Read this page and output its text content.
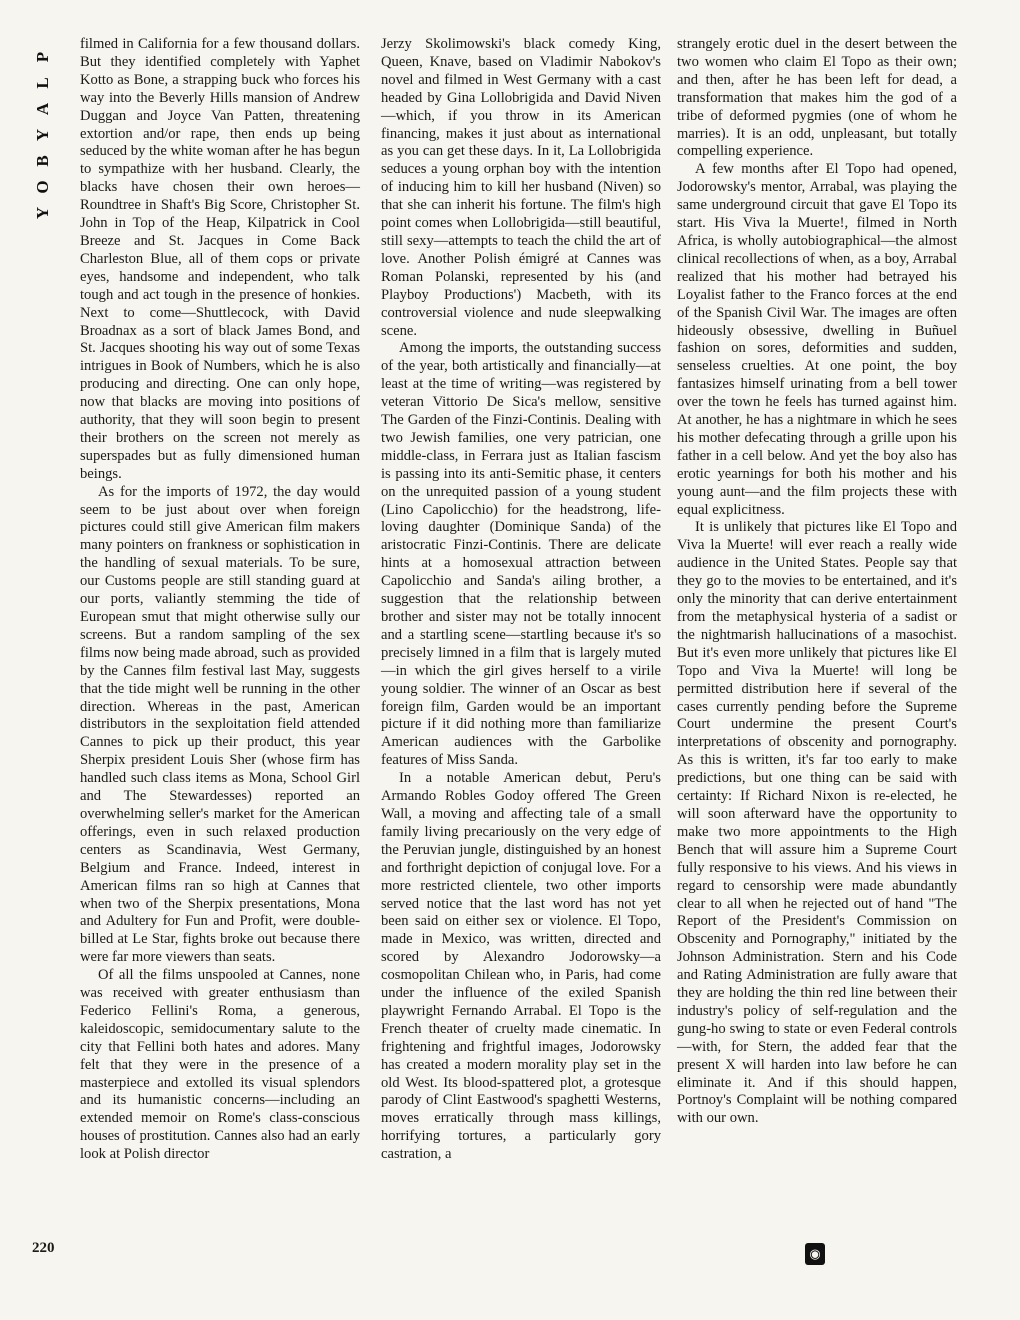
P
L
A
Y
B
O
Y

filmed in California for a few thousand dollars. But they identified completely with Yaphet Kotto as Bone, a strapping buck who forces his way into the Beverly Hills mansion of Andrew Duggan and Joyce Van Patten, threatening extortion and/or rape, then ends up being seduced by the white woman after he has begun to sympathize with her husband. Clearly, the blacks have chosen their own heroes—Roundtree in Shaft's Big Score, Christopher St. John in Top of the Heap, Kilpatrick in Cool Breeze and St. Jacques in Come Back Charleston Blue, all of them cops or private eyes, handsome and independent, who talk tough and act tough in the presence of honkies. Next to come—Shuttlecock, with David Broadnax as a sort of black James Bond, and St. Jacques shooting his way out of some Texas intrigues in Book of Numbers, which he is also producing and directing. One can only hope, now that blacks are moving into positions of authority, that they will soon begin to present their brothers on the screen not merely as superspades but as fully dimensioned human beings.

As for the imports of 1972, the day would seem to be just about over when foreign pictures could still give American film makers many pointers on frankness or sophistication in the handling of sexual materials. To be sure, our Customs people are still standing guard at our ports, valiantly stemming the tide of European smut that might otherwise sully our screens. But a random sampling of the sex films now being made abroad, such as provided by the Cannes film festival last May, suggests that the tide might well be running in the other direction. Whereas in the past, American distributors in the sexploitation field attended Cannes to pick up their product, this year Sherpix president Louis Sher (whose firm has handled such class items as Mona, School Girl and The Stewardesses) reported an overwhelming seller's market for the American offerings, even in such relaxed production centers as Scandinavia, West Germany, Belgium and France. Indeed, interest in American films ran so high at Cannes that when two of the Sherpix presentations, Mona and Adultery for Fun and Profit, were double-billed at Le Star, fights broke out because there were far more viewers than seats.

Of all the films unspooled at Cannes, none was received with greater enthusiasm than Federico Fellini's Roma, a generous, kaleidoscopic, semidocumentary salute to the city that Fellini both hates and adores. Many felt that they were in the presence of a masterpiece and extolled its visual splendors and its humanistic concerns—including an extended memoir on Rome's class-conscious houses of prostitution. Cannes also had an early look at Polish director

Jerzy Skolimowski's black comedy King, Queen, Knave, based on Vladimir Nabokov's novel and filmed in West Germany with a cast headed by Gina Lollobrigida and David Niven—which, if you throw in its American financing, makes it just about as international as you can get these days. In it, La Lollobrigida seduces a young orphan boy with the intention of inducing him to kill her husband (Niven) so that she can inherit his fortune. The film's high point comes when Lollobrigida—still beautiful, still sexy—attempts to teach the child the art of love. Another Polish émigré at Cannes was Roman Polanski, represented by his (and Playboy Productions') Macbeth, with its controversial violence and nude sleepwalking scene.

Among the imports, the outstanding success of the year, both artistically and financially—at least at the time of writing—was registered by veteran Vittorio De Sica's mellow, sensitive The Garden of the Finzi-Continis. Dealing with two Jewish families, one very patrician, one middle-class, in Ferrara just as Italian fascism is passing into its anti-Semitic phase, it centers on the unrequited passion of a young student (Lino Capolicchio) for the headstrong, life-loving daughter (Dominique Sanda) of the aristocratic Finzi-Continis. There are delicate hints at a homosexual attraction between Capolicchio and Sanda's ailing brother, a suggestion that the relationship between brother and sister may not be totally innocent and a startling scene—startling because it's so precisely limned in a film that is largely muted—in which the girl gives herself to a virile young soldier. The winner of an Oscar as best foreign film, Garden would be an important picture if it did nothing more than familiarize American audiences with the Garbolike features of Miss Sanda.

In a notable American debut, Peru's Armando Robles Godoy offered The Green Wall, a moving and affecting tale of a small family living precariously on the very edge of the Peruvian jungle, distinguished by an honest and forthright depiction of conjugal love. For a more restricted clientele, two other imports served notice that the last word has not yet been said on either sex or violence. El Topo, made in Mexico, was written, directed and scored by Alexandro Jodorowsky—a cosmopolitan Chilean who, in Paris, had come under the influence of the exiled Spanish playwright Fernando Arrabal. El Topo is the French theater of cruelty made cinematic. In frightening and frightful images, Jodorowsky has created a modern morality play set in the old West. Its blood-spattered plot, a grotesque parody of Clint Eastwood's spaghetti Westerns, moves erratically through mass killings, horrifying tortures, a particularly gory castration, a

strangely erotic duel in the desert between the two women who claim El Topo as their own; and then, after he has been left for dead, a transformation that makes him the god of a tribe of deformed pygmies (one of whom he marries). It is an odd, unpleasant, but totally compelling experience.

A few months after El Topo had opened, Jodorowsky's mentor, Arrabal, was playing the same underground circuit that gave El Topo its start. His Viva la Muerte!, filmed in North Africa, is wholly autobiographical—the almost clinical recollections of when, as a boy, Arrabal realized that his mother had betrayed his Loyalist father to the Franco forces at the end of the Spanish Civil War. The images are often hideously obsessive, dwelling in Buñuel fashion on sores, deformities and sudden, senseless cruelties. At one point, the boy fantasizes himself urinating from a bell tower over the town he feels has turned against him. At another, he has a nightmare in which he sees his mother defecating through a grille upon his father in a cell below. And yet the boy also has erotic yearnings for both his mother and his young aunt—and the film projects these with equal explicitness.

It is unlikely that pictures like El Topo and Viva la Muerte! will ever reach a really wide audience in the United States. People say that they go to the movies to be entertained, and it's only the minority that can derive entertainment from the metaphysical hysteria of a sadist or the nightmarish hallucinations of a masochist. But it's even more unlikely that pictures like El Topo and Viva la Muerte! will long be permitted distribution here if several of the cases currently pending before the Supreme Court undermine the present Court's interpretations of obscenity and pornography. As this is written, it's far too early to make predictions, but one thing can be said with certainty: If Richard Nixon is re-elected, he will soon afterward have the opportunity to make two more appointments to the High Bench that will assure him a Supreme Court fully responsive to his views. And his views in regard to censorship were made abundantly clear to all when he rejected out of hand "The Report of the President's Commission on Obscenity and Pornography," initiated by the Johnson Administration. Stern and his Code and Rating Administration are fully aware that they are holding the thin red line between their industry's policy of self-regulation and the gung-ho swing to state or even Federal controls—with, for Stern, the added fear that the present X will harden into law before he can eliminate it. And if this should happen, Portnoy's Complaint will be nothing compared with our own.

220	◉
